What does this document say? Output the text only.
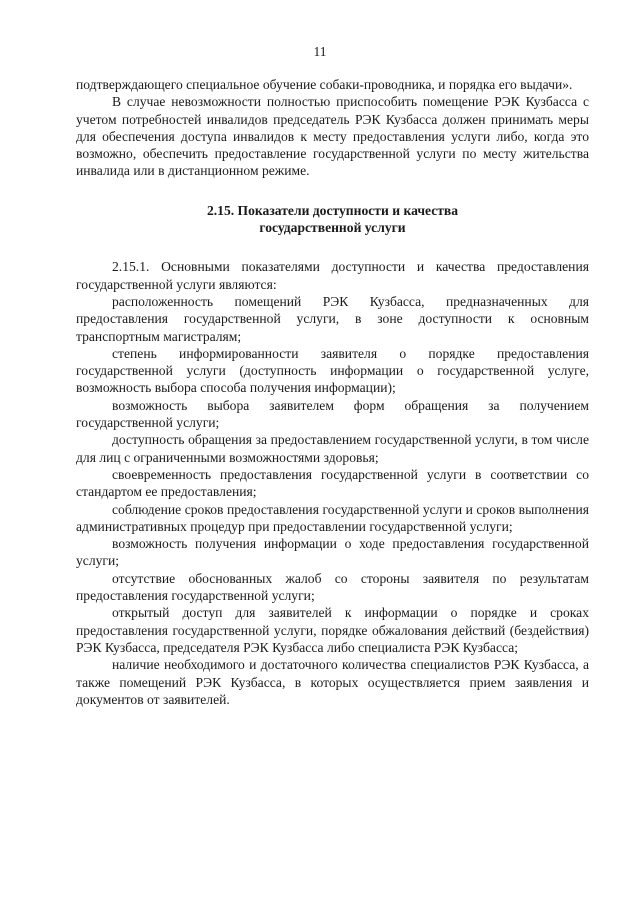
11

подтверждающего специальное обучение собаки-проводника, и порядка его выдачи».

В случае невозможности полностью приспособить помещение РЭК Кузбасса с учетом потребностей инвалидов председатель РЭК Кузбасса должен принимать меры для обеспечения доступа инвалидов к месту предоставления услуги либо, когда это возможно, обеспечить предоставление государственной услуги по месту жительства инвалида или в дистанционном режиме.

2.15. Показатели доступности и качества
государственной услуги

2.15.1. Основными показателями доступности и качества предоставления государственной услуги являются:

расположенность помещений РЭК Кузбасса, предназначенных для предоставления государственной услуги, в зоне доступности к основным транспортным магистралям;

степень информированности заявителя о порядке предоставления государственной услуги (доступность информации о государственной услуге, возможность выбора способа получения информации);

возможность выбора заявителем форм обращения за получением государственной услуги;

доступность обращения за предоставлением государственной услуги, в том числе для лиц с ограниченными возможностями здоровья;

своевременность предоставления государственной услуги в соответствии со стандартом ее предоставления;

соблюдение сроков предоставления государственной услуги и сроков выполнения административных процедур при предоставлении государственной услуги;

возможность получения информации о ходе предоставления государственной услуги;

отсутствие обоснованных жалоб со стороны заявителя по результатам предоставления государственной услуги;

открытый доступ для заявителей к информации о порядке и сроках предоставления государственной услуги, порядке обжалования действий (бездействия) РЭК Кузбасса, председателя РЭК Кузбасса либо специалиста РЭК Кузбасса;

наличие необходимого и достаточного количества специалистов РЭК Кузбасса, а также помещений РЭК Кузбасса, в которых осуществляется прием заявления и документов от заявителей.
